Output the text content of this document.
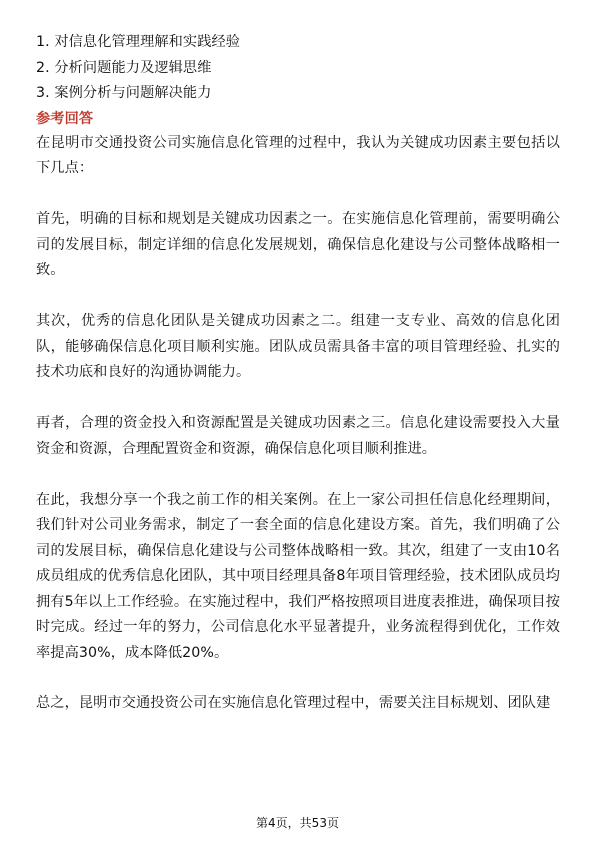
1. 对信息化管理理解和实践经验

2. 分析问题能力及逻辑思维

3. 案例分析与问题解决能力

参考回答

在昆明市交通投资公司实施信息化管理的过程中，我认为关键成功因素主要包括以下几点：

首先，明确的目标和规划是关键成功因素之一。在实施信息化管理前，需要明确公司的发展目标，制定详细的信息化发展规划，确保信息化建设与公司整体战略相一致。

其次，优秀的信息化团队是关键成功因素之二。组建一支专业、高效的信息化团队，能够确保信息化项目顺利实施。团队成员需具备丰富的项目管理经验、扎实的技术功底和良好的沟通协调能力。

再者，合理的资金投入和资源配置是关键成功因素之三。信息化建设需要投入大量资金和资源，合理配置资金和资源，确保信息化项目顺利推进。

在此，我想分享一个我之前工作的相关案例。在上一家公司担任信息化经理期间，我们针对公司业务需求，制定了一套全面的信息化建设方案。首先，我们明确了公司的发展目标，确保信息化建设与公司整体战略相一致。其次，组建了一支由10名成员组成的优秀信息化团队，其中项目经理具备8年项目管理经验，技术团队成员均拥有5年以上工作经验。在实施过程中，我们严格按照项目进度表推进，确保项目按时完成。经过一年的努力，公司信息化水平显著提升，业务流程得到优化，工作效率提高30%，成本降低20%。

总之，昆明市交通投资公司在实施信息化管理过程中，需要关注目标规划、团队建

第4页，共53页
